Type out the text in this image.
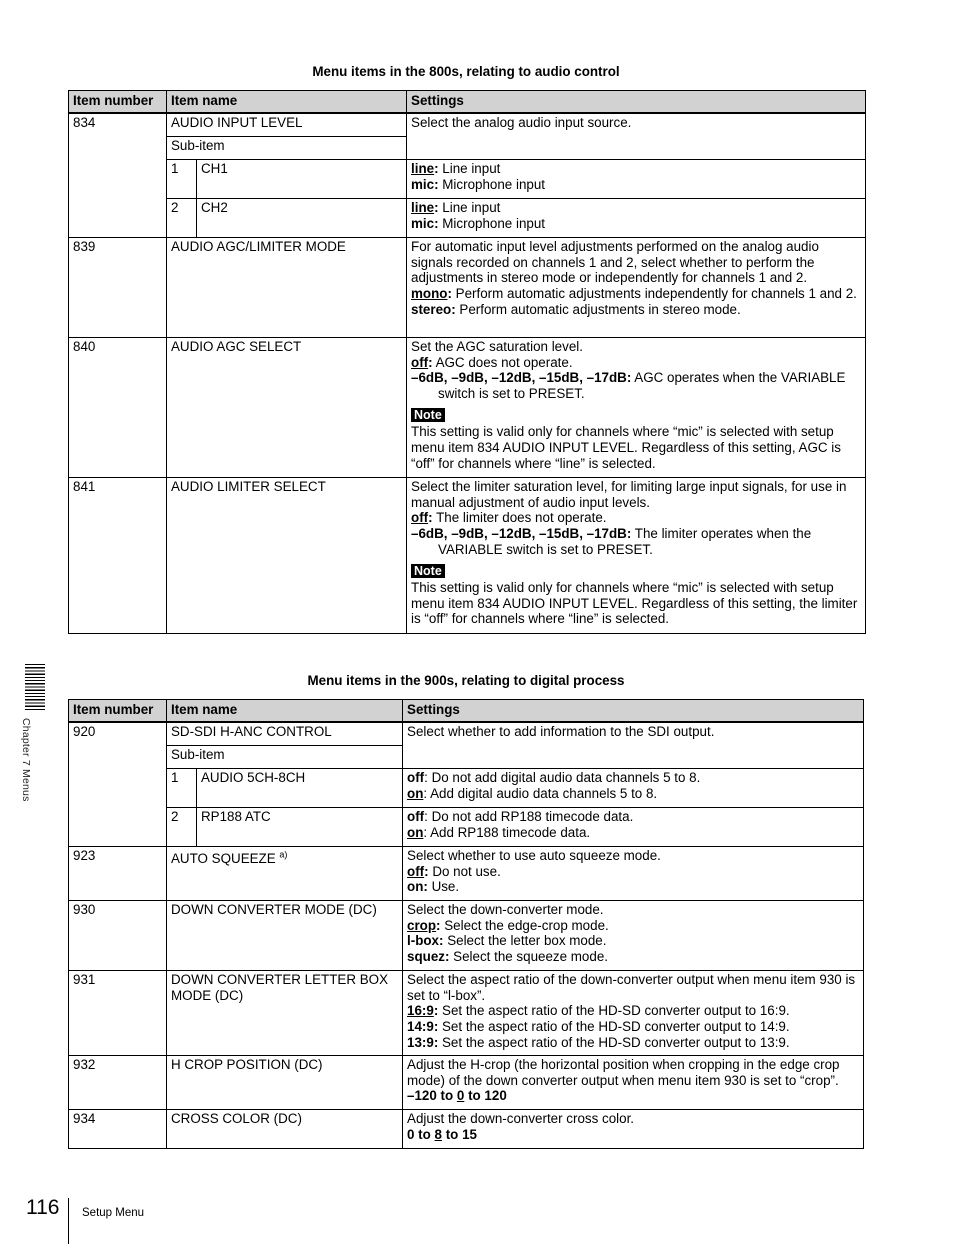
Menu items in the 800s, relating to audio control
Item number	Item name		Settings
834	AUDIO INPUT LEVEL		Select the analog audio input source.
	Sub-item		
	1	CH1	line: Line input
mic: Microphone input

	2	CH2	line: Line input
mic: Microphone input

839	AUDIO AGC/LIMITER MODE		For automatic input level adjustments performed on the analog audio signals recorded on channels 1 and 2, select whether to perform the adjustments in stereo mode or independently for channels 1 and 2.
mono: Perform automatic adjustments independently for channels 1 and 2.
stereo: Perform automatic adjustments in stereo mode.

840	AUDIO AGC SELECT		Set the AGC saturation level.
off: AGC does not operate.
–6dB, –9dB, –12dB, –15dB, –17dB: AGC operates when the VARIABLE switch is set to PRESET.
Note
This setting is valid only for channels where “mic” is selected with setup menu item 834 AUDIO INPUT LEVEL. Regardless of this setting, AGC is “off” for channels where “line” is selected.

841	AUDIO LIMITER SELECT		Select the limiter saturation level, for limiting large input signals, for use in manual adjustment of audio input levels.
off: The limiter does not operate.
–6dB, –9dB, –12dB, –15dB, –17dB: The limiter operates when the VARIABLE switch is set to PRESET.
Note
This setting is valid only for channels where “mic” is selected with setup menu item 834 AUDIO INPUT LEVEL. Regardless of this setting, the limiter is “off” for channels where “line” is selected.
Menu items in the 900s, relating to digital process
Item number	Item name		Settings
920	SD-SDI H-ANC CONTROL		Select whether to add information to the SDI output.
	Sub-item		
	1	AUDIO 5CH-8CH	off: Do not add digital audio data channels 5 to 8.
on: Add digital audio data channels 5 to 8.

	2	RP188 ATC	off: Do not add RP188 timecode data.
on: Add RP188 timecode data.

923	AUTO SQUEEZE $^{a)}$		Select whether to use auto squeeze mode.
off: Do not use.
on: Use.

930	DOWN CONVERTER MODE (DC)		Select the down-converter mode.
crop: Select the edge-crop mode.
l-box: Select the letter box mode.
squez: Select the squeeze mode.

931	DOWN CONVERTER LETTER BOX MODE (DC)		Select the aspect ratio of the down-converter output when menu item 930 is set to “l-box”.
16:9: Set the aspect ratio of the HD-SD converter output to 16:9.
14:9: Set the aspect ratio of the HD-SD converter output to 14:9.
13:9: Set the aspect ratio of the HD-SD converter output to 13:9.

932	H CROP POSITION (DC)		Adjust the H-crop (the horizontal position when cropping in the edge crop mode) of the down converter output when menu item 930 is set to “crop”.
–120 to 0 to 120

934	CROSS COLOR (DC)		Adjust the down-converter cross color.
0 to 8 to 15
Chapter 7 Menus
116 Setup Menu
